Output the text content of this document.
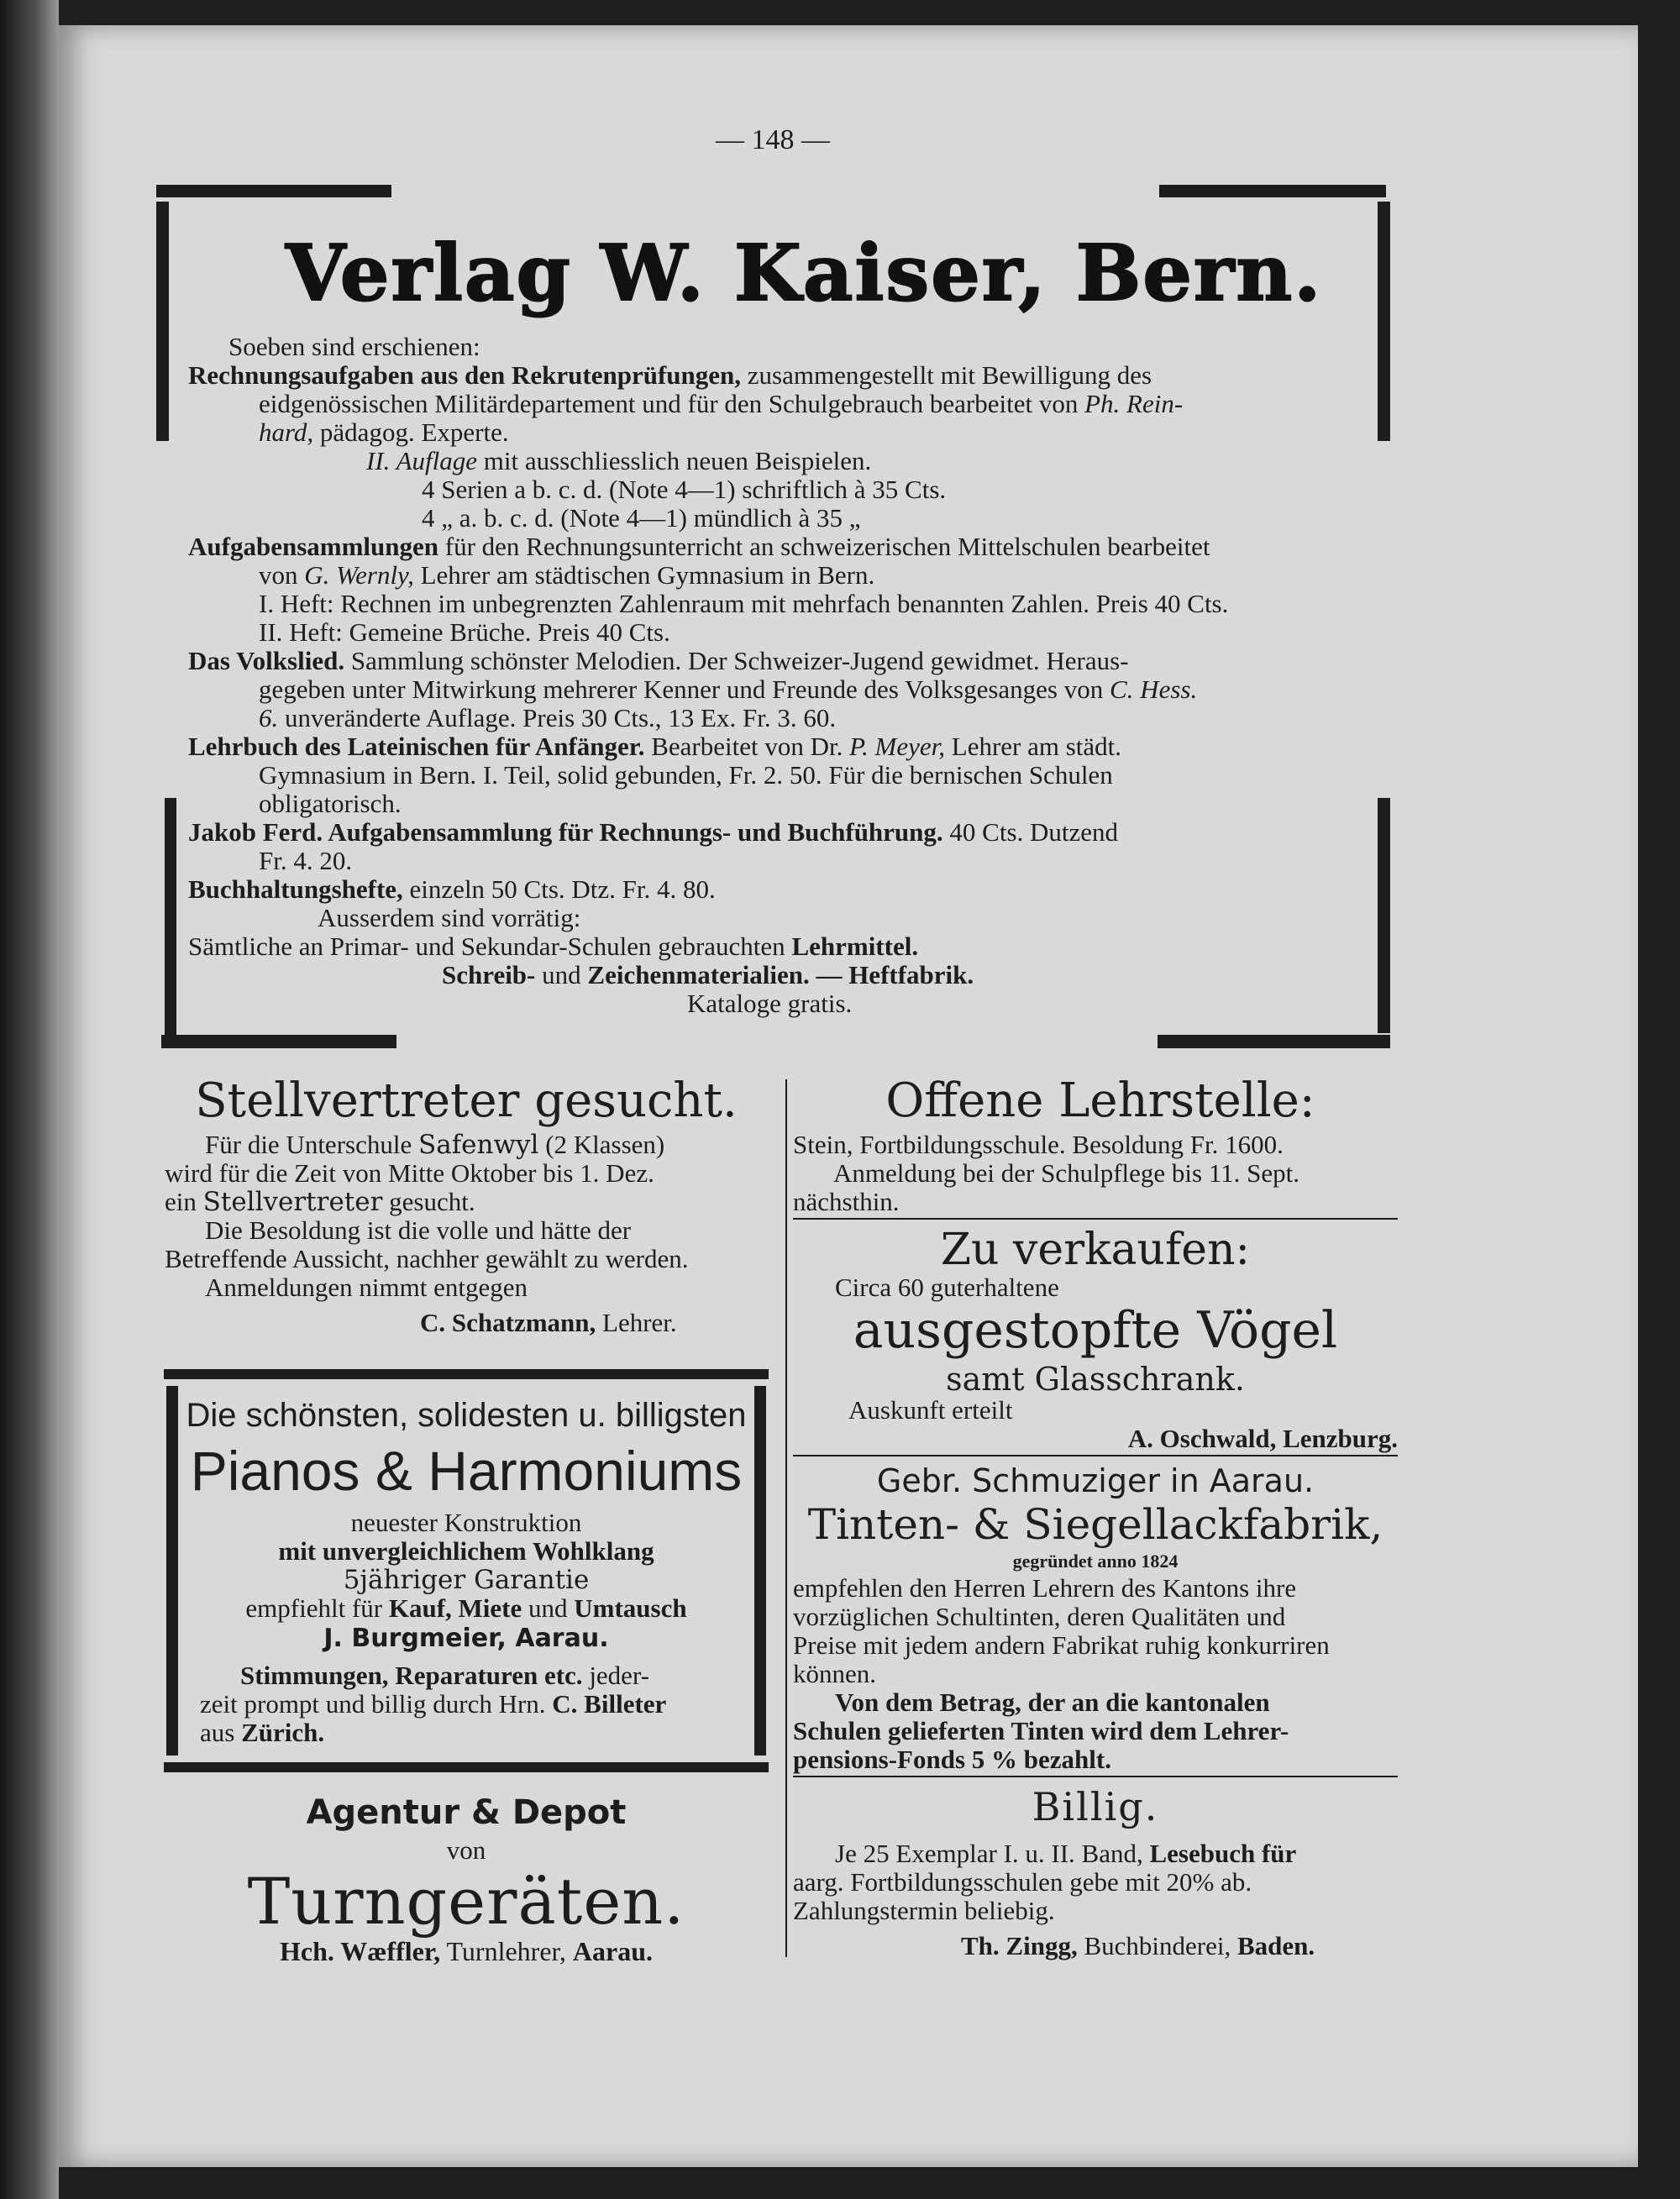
— 148 —
Verlag W. Kaiser, Bern.
Soeben sind erschienen:
Rechnungsaufgaben aus den Rekrutenprüfungen, zusammengestellt mit Bewilligung des
eidgenössischen Militärdepartement und für den Schulgebrauch bearbeitet von Ph. Rein-
hard, pädagog. Experte.
II. Auflage mit ausschliesslich neuen Beispielen.
4 Serien a b. c. d. (Note 4—1) schriftlich à 35 Cts.
4 „ a. b. c. d. (Note 4—1) mündlich à 35 „
Aufgabensammlungen für den Rechnungsunterricht an schweizerischen Mittelschulen bearbeitet
von G. Wernly, Lehrer am städtischen Gymnasium in Bern.
I. Heft: Rechnen im unbegrenzten Zahlenraum mit mehrfach benannten Zahlen. Preis 40 Cts.
II. Heft: Gemeine Brüche. Preis 40 Cts.
Das Volkslied. Sammlung schönster Melodien. Der Schweizer-Jugend gewidmet. Heraus-
gegeben unter Mitwirkung mehrerer Kenner und Freunde des Volksgesanges von C. Hess.
6. unveränderte Auflage. Preis 30 Cts., 13 Ex. Fr. 3. 60.
Lehrbuch des Lateinischen für Anfänger. Bearbeitet von Dr. P. Meyer, Lehrer am städt.
Gymnasium in Bern. I. Teil, solid gebunden, Fr. 2. 50. Für die bernischen Schulen
obligatorisch.
Jakob Ferd. Aufgabensammlung für Rechnungs- und Buchführung. 40 Cts. Dutzend
Fr. 4. 20.
Buchhaltungshefte, einzeln 50 Cts. Dtz. Fr. 4. 80.
Ausserdem sind vorrätig:
Sämtliche an Primar- und Sekundar-Schulen gebrauchten Lehrmittel.
Schreib- und Zeichenmaterialien. — Heftfabrik.
Kataloge gratis.
Stellvertreter gesucht.
Für die Unterschule Safenwyl (2 Klassen)
wird für die Zeit von Mitte Oktober bis 1. Dez.
ein Stellvertreter gesucht.
Die Besoldung ist die volle und hätte der
Betreffende Aussicht, nachher gewählt zu werden.
Anmeldungen nimmt entgegen
C. Schatzmann, Lehrer.
Die schönsten, solidesten u. billigsten
Pianos & Harmoniums
neuester Konstruktion
mit unvergleichlichem Wohlklang
5jähriger Garantie
empfiehlt für Kauf, Miete und Umtausch
J. Burgmeier, Aarau.
Stimmungen, Reparaturen etc. jeder-
zeit prompt und billig durch Hrn. C. Billeter
aus Zürich.
Agentur & Depot
von
Turngeräten.
Hch. Wæffler, Turnlehrer, Aarau.
Offene Lehrstelle:
Stein, Fortbildungsschule. Besoldung Fr. 1600.
Anmeldung bei der Schulpflege bis 11. Sept.
nächsthin.
Zu verkaufen:
Circa 60 guterhaltene
ausgestopfte Vögel
samt Glasschrank.
Auskunft erteilt
A. Oschwald, Lenzburg.
Gebr. Schmuziger in Aarau.
Tinten- & Siegellackfabrik,
gegründet anno 1824
empfehlen den Herren Lehrern des Kantons ihre
vorzüglichen Schultinten, deren Qualitäten und
Preise mit jedem andern Fabrikat ruhig konkurriren
können.
Von dem Betrag, der an die kantonalen
Schulen gelieferten Tinten wird dem Lehrer-
pensions-Fonds 5 % bezahlt.
Billig.
Je 25 Exemplar I. u. II. Band, Lesebuch für
aarg. Fortbildungsschulen gebe mit 20% ab.
Zahlungstermin beliebig.
Th. Zingg, Buchbinderei, Baden.
